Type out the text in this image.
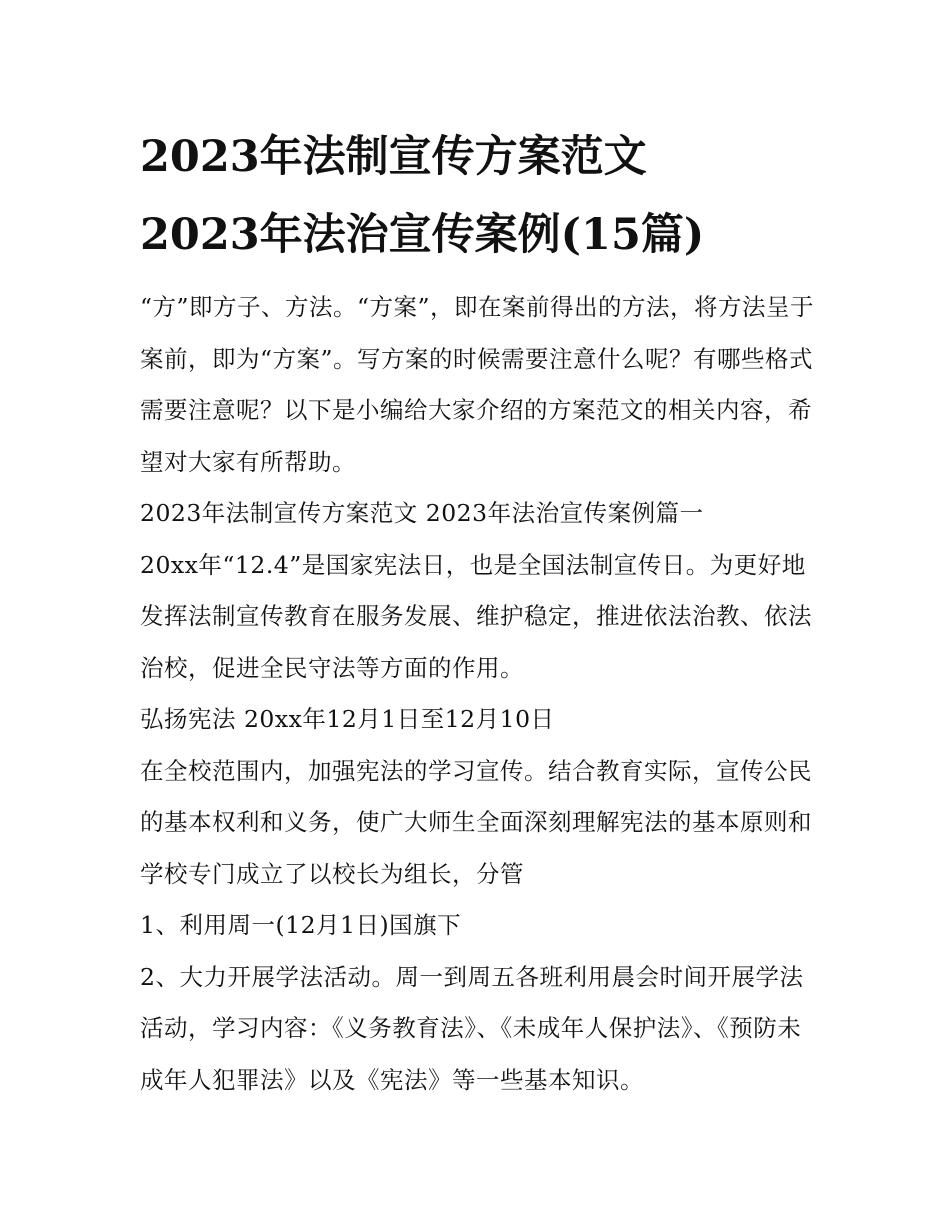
2023年法制宣传方案范文
2023年法治宣传案例(15篇)

“方”即方子、方法。“方案”，即在案前得出的方法，将方法呈于案前，即为“方案”。写方案的时候需要注意什么呢？有哪些格式需要注意呢？以下是小编给大家介绍的方案范文的相关内容，希望对大家有所帮助。

2023年法制宣传方案范文 2023年法治宣传案例篇一

20xx年“12.4”是国家宪法日，也是全国法制宣传日。为更好地发挥法制宣传教育在服务发展、维护稳定，推进依法治教、依法治校，促进全民守法等方面的作用。

弘扬宪法 20xx年12月1日至12月10日

在全校范围内，加强宪法的学习宣传。结合教育实际，宣传公民的基本权利和义务，使广大师生全面深刻理解宪法的基本原则和 学校专门成立了以校长为组长，分管

1、利用周一(12月1日)国旗下

2、大力开展学法活动。周一到周五各班利用晨会时间开展学法活动，学习内容：《义务教育法》、《未成年人保护法》、《预防未成年人犯罪法》以及《宪法》等一些基本知识。
